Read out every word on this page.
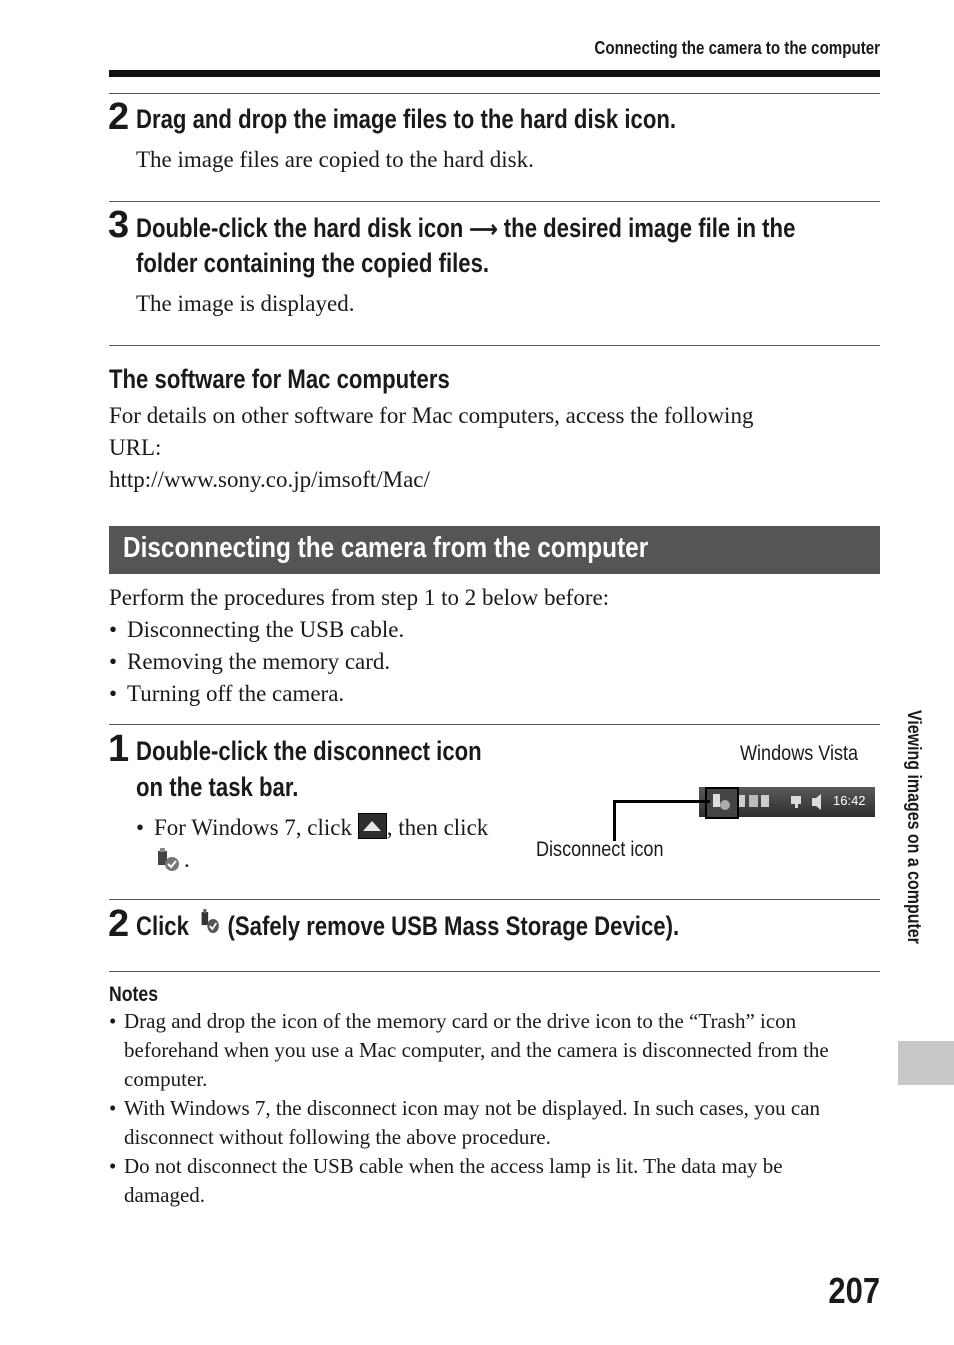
Connecting the camera to the computer
2 Drag and drop the image files to the hard disk icon.
The image files are copied to the hard disk.
3 Double-click the hard disk icon ⟶ the desired image file in the
folder containing the copied files.
The image is displayed.
The software for Mac computers
For details on other software for Mac computers, access the following
URL:
http://www.sony.co.jp/imsoft/Mac/
Disconnecting the camera from the computer
Perform the procedures from step 1 to 2 below before:
• Disconnecting the USB cable.
• Removing the memory card.
• Turning off the camera.
1 Double-click the disconnect icon
on the task bar.
• For Windows 7, click , then click
.
Windows Vista
16:42
Disconnect icon
2 Click (Safely remove USB Mass Storage Device).
Notes
• Drag and drop the icon of the memory card or the drive icon to the “Trash” icon
beforehand when you use a Mac computer, and the camera is disconnected from the
computer.
• With Windows 7, the disconnect icon may not be displayed. In such cases, you can
disconnect without following the above procedure.
• Do not disconnect the USB cable when the access lamp is lit. The data may be
damaged.
Viewing images on a computer
207
